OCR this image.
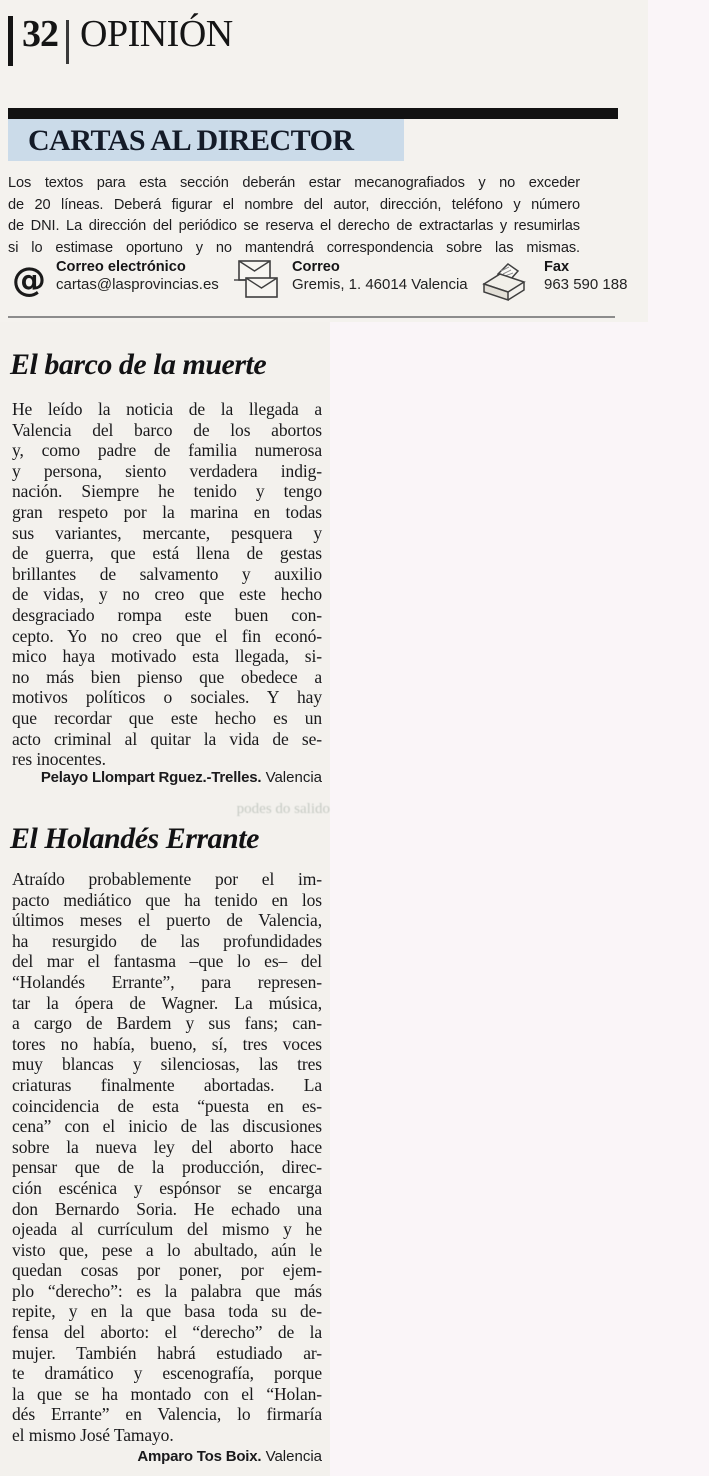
32 OPINIÓN
CARTAS AL DIRECTOR
Los textos para esta sección deberán estar mecanografiados y no exceder
de 20 líneas. Deberá figurar el nombre del autor, dirección, teléfono y número
de DNI. La dirección del periódico se reserva el derecho de extractarlas y resumirlas
si lo estimase oportuno y no mantendrá correspondencia sobre las mismas.
@ Correo electrónico
cartas@lasprovincias.es
Correo
Gremis, 1. 46014 Valencia
Fax
963 590 188
El barco de la muerte
He leído la noticia de la llegada a
Valencia del barco de los abortos
y, como padre de familia numerosa
y persona, siento verdadera indig-
nación. Siempre he tenido y tengo
gran respeto por la marina en todas
sus variantes, mercante, pesquera y
de guerra, que está llena de gestas
brillantes de salvamento y auxilio
de vidas, y no creo que este hecho
desgraciado rompa este buen con-
cepto. Yo no creo que el fin econó-
mico haya motivado esta llegada, si-
no más bien pienso que obedece a
motivos políticos o sociales. Y hay
que recordar que este hecho es un
acto criminal al quitar la vida de se-
res inocentes.
Pelayo Llompart Rguez.-Trelles. Valencia
podes do salido
El Holandés Errante
Atraído probablemente por el im-
pacto mediático que ha tenido en los
últimos meses el puerto de Valencia,
ha resurgido de las profundidades
del mar el fantasma –que lo es– del
“Holandés Errante”, para represen-
tar la ópera de Wagner. La música,
a cargo de Bardem y sus fans; can-
tores no había, bueno, sí, tres voces
muy blancas y silenciosas, las tres
criaturas finalmente abortadas. La
coincidencia de esta “puesta en es-
cena” con el inicio de las discusiones
sobre la nueva ley del aborto hace
pensar que de la producción, direc-
ción escénica y espónsor se encarga
don Bernardo Soria. He echado una
ojeada al currículum del mismo y he
visto que, pese a lo abultado, aún le
quedan cosas por poner, por ejem-
plo “derecho”: es la palabra que más
repite, y en la que basa toda su de-
fensa del aborto: el “derecho” de la
mujer. También habrá estudiado ar-
te dramático y escenografía, porque
la que se ha montado con el “Holan-
dés Errante” en Valencia, lo firmaría
el mismo José Tamayo.
Amparo Tos Boix. Valencia
